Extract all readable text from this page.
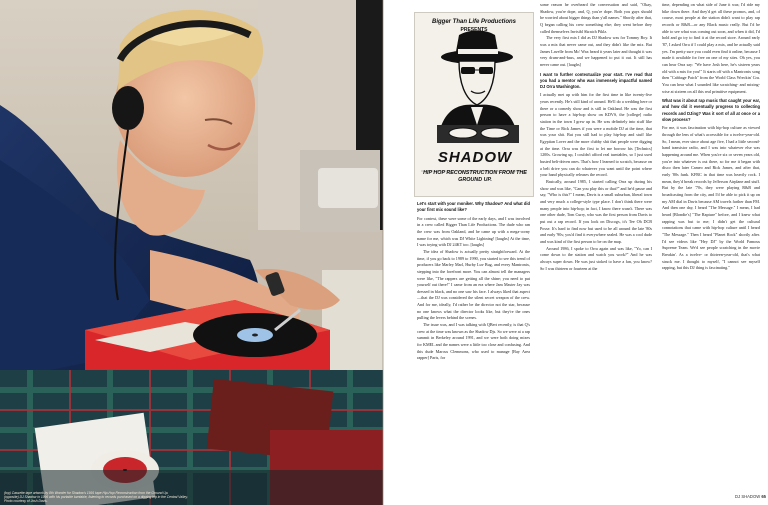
(top) Cassette tape artwork by 8th Wonder for Shadow's 1991 tape Hip-Hop Reconstruction from the Ground Up.
(opposite) DJ Shadow in 1996 with his portable turntable, listening to records purchased on a digging trip in the Central Valley.
Photo courtesy of Josh Davis.
Bigger Than Life Productions
PRESENTS
SHADOW
HIP HOP RECONSTRUCTION FROM THE GROUND UP.

Let's start with your moniker. Why Shadow? And what did your first mix sound like?

For context, these were some of the early days, and I was involved in a crew called Bigger Than Life Productions. The dude who ran the crew was from Oakland, and he came up with a mega-corny name for me, which was DJ White Lightning! [laughs] At the time, I was toying with DJ 24KT too. [laughs]

The idea of Shadow is actually pretty straightforward. At the time, if you go back to 1989 to 1990, you started to see this trend of producers like Marley Marl, Hurby Luv Bug, and every Mantronix, stepping into the forefront more. You can almost tell the managers were like, "The rappers are getting all the shine; you need to put yourself out there!" I came from an era where Jam Master Jay was dressed in black, and no one saw his face. I always liked that aspect—that the DJ was considered the silent secret weapon of the crew. And for me, ideally, I'd rather be the director not the star, because no one knows what the director looks like, but they're the ones pulling the levers behind the scenes.

The issue was, and I was talking with QBert recently, is that Q's crew at the time was known as the Shadow Djs. So we were at a rap summit in Berkeley around 1991, and we were both doing mixes for KMEL and the names were a little too close and confusing. And this dude Marcus Clemmons, who used to manage [Bay Area rapper] Paris, for

some reason he overheard the conversation and said, "Okay, Shadow, you're dope, and, Q, you're dope. Both you guys should be worried about bigger things than y'all names." Shortly after that, Q began calling his crew something else; they went before they called themselves Invisibl Skratch Piklz.

The very first mix I did as DJ Shadow was for Tommy Boy. It was a mix that never came out, and they didn't like the mix. But James Lavelle from Mo' Wax heard it years later and thought it was very drum-and-bass, and we happened to put it out. It still has never came out. [laughs]

I want to further contextualize your start. I've read that you had a mentor who was immensely impactful named DJ Orra Washington.

I actually met up with him for the first time in like twenty-five years recently. He's still kind of around. He'll do a wedding here or there or a comedy show and is still in Oakland. He was the first person to have a hip-hop show on KDVS, the [college] radio station in the town I grew up in. He was definitely into stuff like the Time or Rick James if you were a mobile DJ at the time, that was your shit. But you still had to play hip-hop and stuff like Egyptian Lover and the more clubby shit that people were digging at the time. Orra was the first to let me borrow his [Technics] 1200s. Growing up, I couldn't afford real turntables, so I just used busted belt-driven ones. That's how I learned to scratch, because on a belt drive you can do whatever you want until the point where your hand physically releases the record.

Basically, around 1985, I started calling Orra up during his show and was like, "Can you play this or that?" and he'd pause and say, "Who is this?" I mean, Davis is a small suburban, liberal town and very much a college-style type place. I don't think there were many people into hip-hop; in fact, I know there wasn't. There was one other dude, Tom Curry, who was the first person from Davis to put out a rap record. If you look on Discogs, it's Tee Oh DCB Posse. It's hard to find now but used to be all around the late '80s and early '90s; you'd find it everywhere sealed. He was a cool dude and was kind of the first person to be on the map.

Around 1986, I spoke to Orra again and was like, "Yo, can I come down to the station and watch you work?" And he was always super down. He was just stoked to have a fan, you know? So I was thirteen or fourteen at the

time, depending on what side of June it was; I'd ride my bike down there. And they'd get all these promos, and, of course, most people at the station didn't want to play rap records or R&B—or any Black music really. But I'd be able to see what was coming out soon, and when it did, I'd hold and go try to find it at the record store. Around early '87, I asked Orra if I could play a mix, and he actually said yes. I'm pretty sure you could even find it online, because I made it available for free on one of my sites. Oh yes, you can hear Orra say: "We have Josh here, he's sixteen years old with a mix for you!" It starts off with a Mantronix song then "Cabbage Patch" from the World Class Wreckin' Cru. You can hear what I sounded like scratching- and mixing-wise at sixteen on all this real primitive equipment.

What was it about rap music that caught your ear, and how did it eventually progress to collecting records and DJing? Was it sort of all at once or a slow process?

For me, it was fascination with hip-hop culture as viewed through the lens of what's accessible for a twelve-year-old. So, I mean, ever since about age five, I had a little second-hand transistor radio, and I was into whatever else was happening around me. When you're six or seven years old, you're into whatever is out there, so for me it began with disco then later Cameo and Rick James, and after that, early '80s funk. KFRC in that time was heavily rock. I mean, they'd break records by Jefferson Airplane and stuff. But by the late '70s, they were playing R&B and broadcasting from the city, and I'd be able to pick it up on my AM dial in Davis because AM travels farther than FM. And then one day, I heard "The Message." I mean, I had heard [Blondie's] "The Rapture" before, and I knew what rapping was but to me; I didn't get the cultural connotations that came with hip-hop culture until I heard "The Message." Then I heard "Planet Rock" shortly after. I'd see videos like "Hey DJ" by the World Famous Supreme Team. We'd see people scratching in the movie Breakin'. As a twelve- or thirteen-year-old, that's what struck me. I thought to myself, "I cannot see myself rapping, but this DJ thing is fascinating."

DJ SHADOW 65
